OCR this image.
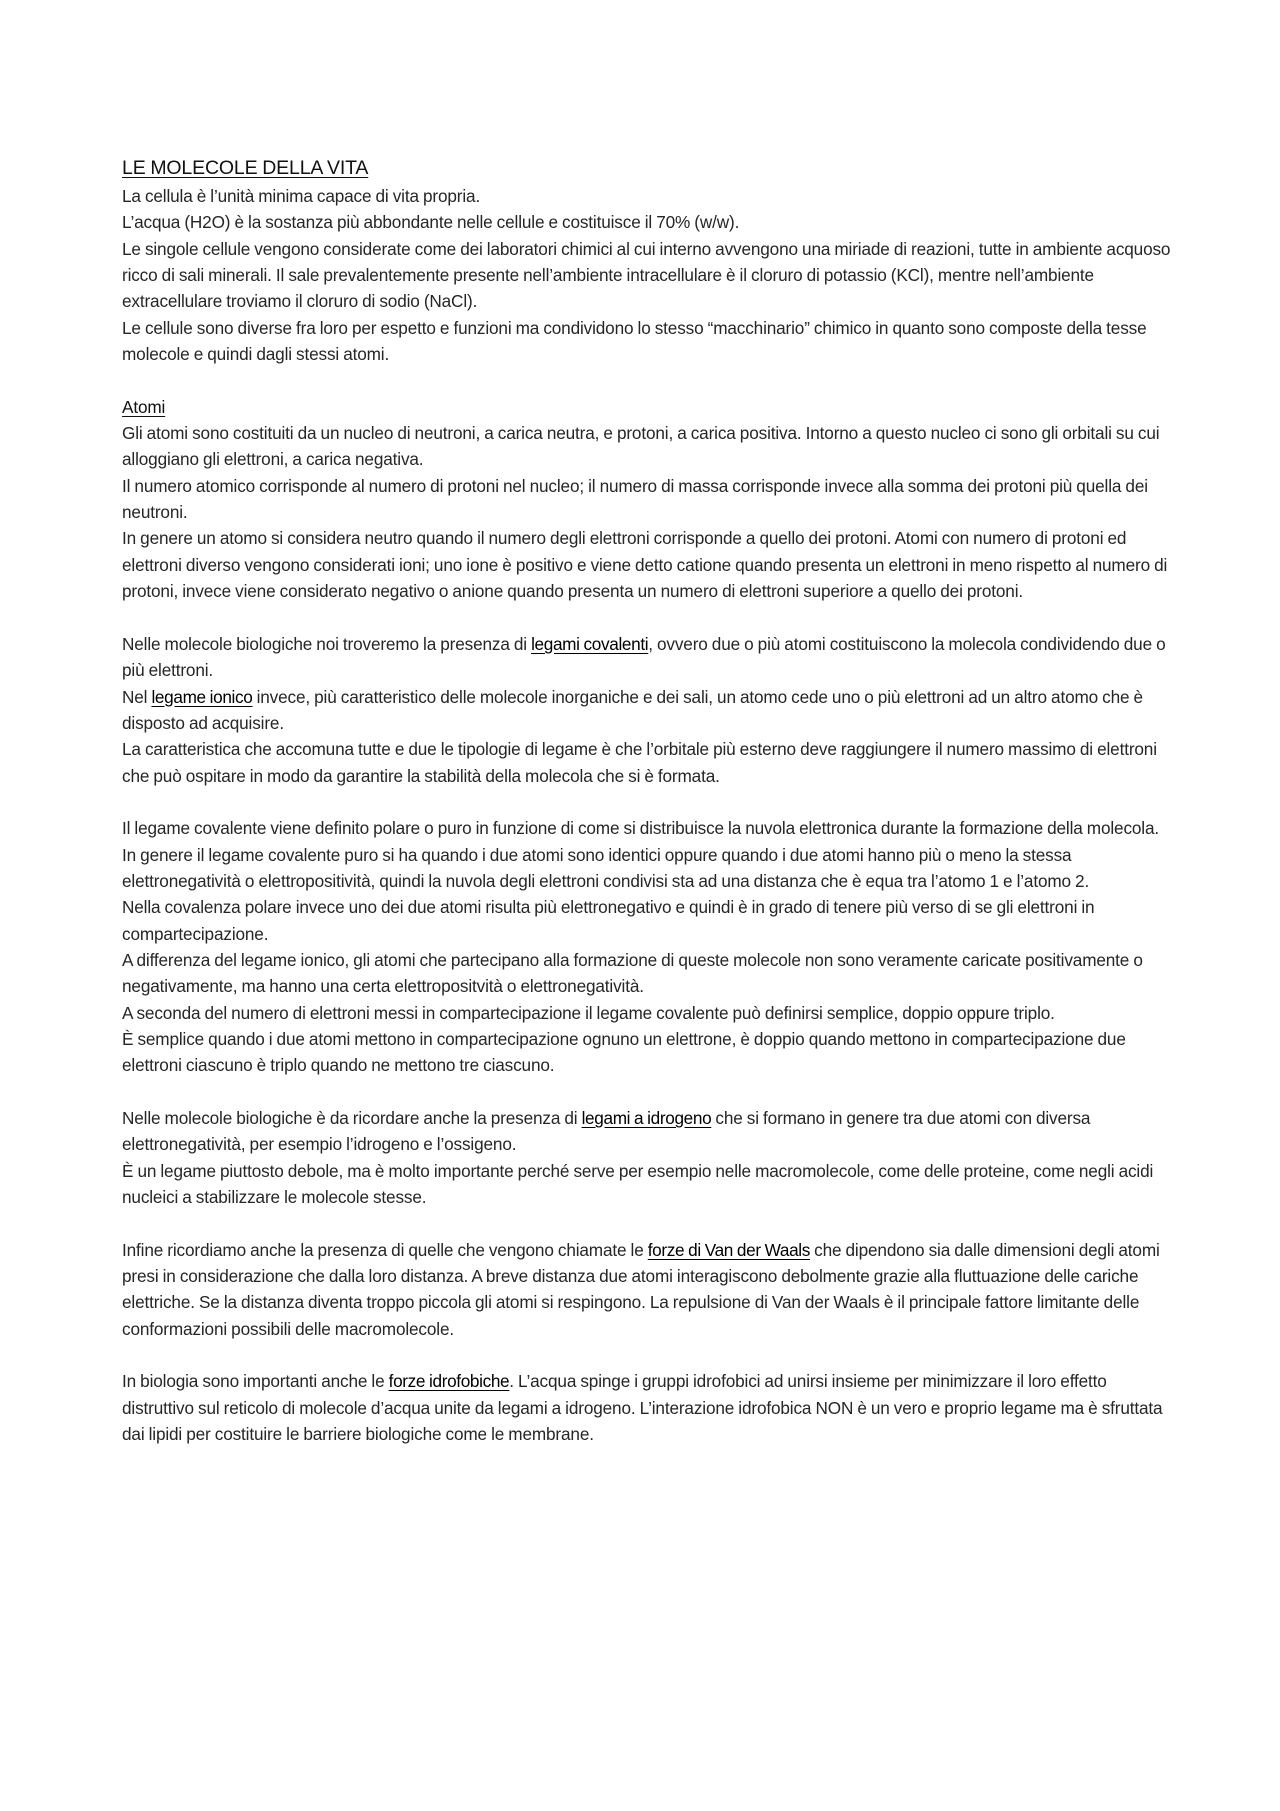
LE MOLECOLE DELLA VITA

La cellula è l’unità minima capace di vita propria.

L’acqua (H2O) è la sostanza più abbondante nelle cellule e costituisce il 70% (w/w).

Le singole cellule vengono considerate come dei laboratori chimici al cui interno avvengono una miriade di reazioni, tutte in ambiente acquoso ricco di sali minerali. Il sale prevalentemente presente nell’ambiente intracellulare è il cloruro di potassio (KCl), mentre nell’ambiente extracellulare troviamo il cloruro di sodio (NaCl).

Le cellule sono diverse fra loro per espetto e funzioni ma condividono lo stesso “macchinario” chimico in quanto sono composte della tesse molecole e quindi dagli stessi atomi.

Atomi

Gli atomi sono costituiti da un nucleo di neutroni, a carica neutra, e protoni, a carica positiva. Intorno a questo nucleo ci sono gli orbitali su cui alloggiano gli elettroni, a carica negativa.

Il numero atomico corrisponde al numero di protoni nel nucleo; il numero di massa corrisponde invece alla somma dei protoni più quella dei neutroni.

In genere un atomo si considera neutro quando il numero degli elettroni corrisponde a quello dei protoni. Atomi con numero di protoni ed elettroni diverso vengono considerati ioni; uno ione è positivo e viene detto catione quando presenta un elettroni in meno rispetto al numero di protoni, invece viene considerato negativo o anione quando presenta un numero di elettroni superiore a quello dei protoni.

Nelle molecole biologiche noi troveremo la presenza di legami covalenti, ovvero due o più atomi costituiscono la molecola condividendo due o più elettroni.

Nel legame ionico invece, più caratteristico delle molecole inorganiche e dei sali, un atomo cede uno o più elettroni ad un altro atomo che è disposto ad acquisire.

La caratteristica che accomuna tutte e due le tipologie di legame è che l’orbitale più esterno deve raggiungere il numero massimo di elettroni che può ospitare in modo da garantire la stabilità della molecola che si è formata.

Il legame covalente viene definito polare o puro in funzione di come si distribuisce la nuvola elettronica durante la formazione della molecola.

In genere il legame covalente puro si ha quando i due atomi sono identici oppure quando i due atomi hanno più o meno la stessa elettronegatività o elettropositività, quindi la nuvola degli elettroni condivisi sta ad una distanza che è equa tra l’atomo 1 e l’atomo 2.

Nella covalenza polare invece uno dei due atomi risulta più elettronegativo e quindi è in grado di tenere più verso di se gli elettroni in compartecipazione.

A differenza del legame ionico, gli atomi che partecipano alla formazione di queste molecole non sono veramente caricate positivamente o negativamente, ma hanno una certa elettropositvità o elettronegatività.

A seconda del numero di elettroni messi in compartecipazione il legame covalente può definirsi semplice, doppio oppure triplo.

È semplice quando i due atomi mettono in compartecipazione ognuno un elettrone, è doppio quando mettono in compartecipazione due elettroni ciascuno è triplo quando ne mettono tre ciascuno.

Nelle molecole biologiche è da ricordare anche la presenza di legami a idrogeno che si formano in genere tra due atomi con diversa elettronegatività, per esempio l’idrogeno e l’ossigeno.

È un legame piuttosto debole, ma è molto importante perché serve per esempio nelle macromolecole, come delle proteine, come negli acidi nucleici a stabilizzare le molecole stesse.

Infine ricordiamo anche la presenza di quelle che vengono chiamate le forze di Van der Waals che dipendono sia dalle dimensioni degli atomi presi in considerazione che dalla loro distanza. A breve distanza due atomi interagiscono debolmente grazie alla fluttuazione delle cariche elettriche. Se la distanza diventa troppo piccola gli atomi si respingono. La repulsione di Van der Waals è il principale fattore limitante delle conformazioni possibili delle macromolecole.

In biologia sono importanti anche le forze idrofobiche. L’acqua spinge i gruppi idrofobici ad unirsi insieme per minimizzare il loro effetto distruttivo sul reticolo di molecole d’acqua unite da legami a idrogeno. L’interazione idrofobica NON è un vero e proprio legame ma è sfruttata dai lipidi per costituire le barriere biologiche come le membrane.
